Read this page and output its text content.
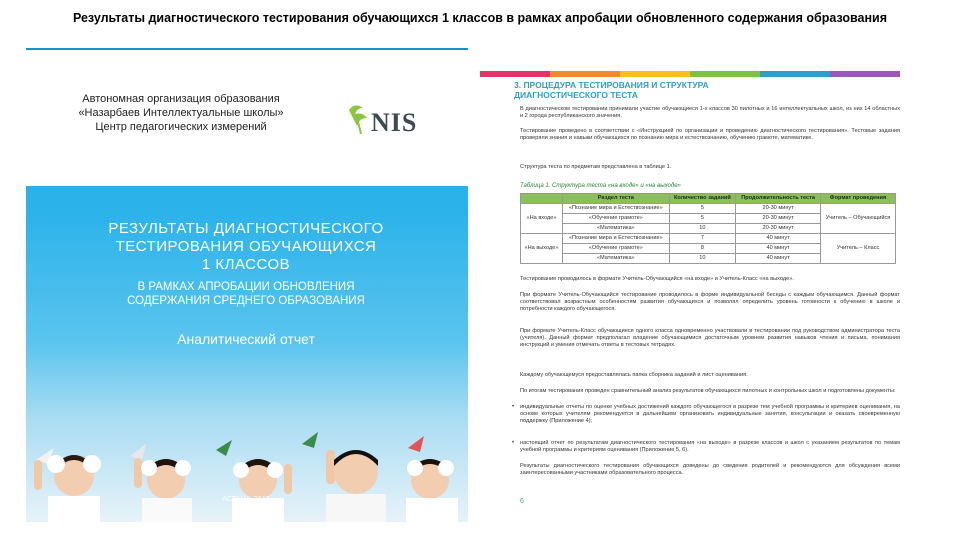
Результаты диагностического тестирования обучающихся 1 классов в рамках апробации обновленного содержания образования
Автономная организация образования
«Назарбаев Интеллектуальные школы»
Центр педагогических измерений	NIS
РЕЗУЛЬТАТЫ ДИАГНОСТИЧЕСКОГО
ТЕСТИРОВАНИЯ ОБУЧАЮЩИХСЯ
1 КЛАССОВ
В РАМКАХ АПРОБАЦИИ ОБНОВЛЕНИЯ
СОДЕРЖАНИЯ СРЕДНЕГО ОБРАЗОВАНИЯ
Аналитический отчет
АСТАНА, 2016
3. ПРОЦЕДУРА ТЕСТИРОВАНИЯ И СТРУКТУРА
ДИАГНОСТИЧЕСКОГО ТЕСТА
В диагностическом тестировании принимали участие обучающиеся 1-х классов 30 пилотных и 16 интеллектуальных школ, из них 14 областных и 2 города республиканского значения.
Тестирование проведено в соответствии с «Инструкцией по организации и проведению диагностического тестирования». Тестовые задания проверяли знания и навыки обучающихся по познанию мира и естествознанию, обучению грамоте, математике.
Структура теста по предметам представлена в таблице 1.
Таблица 1. Структура теста «на входе» и «на выходе»
	Раздел теста	Количество заданий	Продолжительность теста	Формат проведения
«На входе»	«Познание мира и Естествознание»	5	20-30 минут	Учитель – Обучающийся
	«Обучение грамоте»	5	20-30 минут	
	«Математика»	10	20-30 минут	
«На выходе»	«Познание мира и Естествознание»	7	40 минут	Учитель – Класс
	«Обучение грамоте»	8	40 минут	
	«Математика»	10	40 минут	
Тестирование проводилось в формате Учитель-Обучающийся «на входе» и Учитель-Класс «на выходе».
При формате Учитель-Обучающийся тестирование проводилось в форме индивидуальной беседы с каждым обучающимся. Данный формат соответствовал возрастным особенностям развития обучающихся и позволял определить уровень готовности к обучению в школе и потребности каждого обучающегося.
При формате Учитель-Класс обучающиеся одного класса одновременно участвовали в тестировании под руководством администратора теста (учителя). Данный формат предполагал владение обучающимися достаточным уровнем развития навыков чтения и письма, понимания инструкций и умения отмечать ответы в тестовых тетрадях.
Каждому обучающемуся предоставлялась папка сборника заданий и лист оценивания.
По итогам тестирования проведен сравнительный анализ результатов обучающихся пилотных и контрольных школ и подготовлены документы:
• индивидуальные отчеты по оценке учебных достижений каждого обучающегося в разрезе тем учебной программы и критериев оценивания, на основе которых учителям рекомендуется в дальнейшем организовать индивидуальные занятия, консультации и оказать своевременную поддержку (Приложение 4);
• настоящий отчет по результатам диагностического тестирования «на выходе» в разрезе классов и школ с указанием результатов по темам учебной программы и критериям оценивания (Приложение 5, 6).
Результаты диагностического тестирования обучающихся доведены до сведения родителей и рекомендуются для обсуждения всеми заинтересованными участниками образовательного процесса.
6
